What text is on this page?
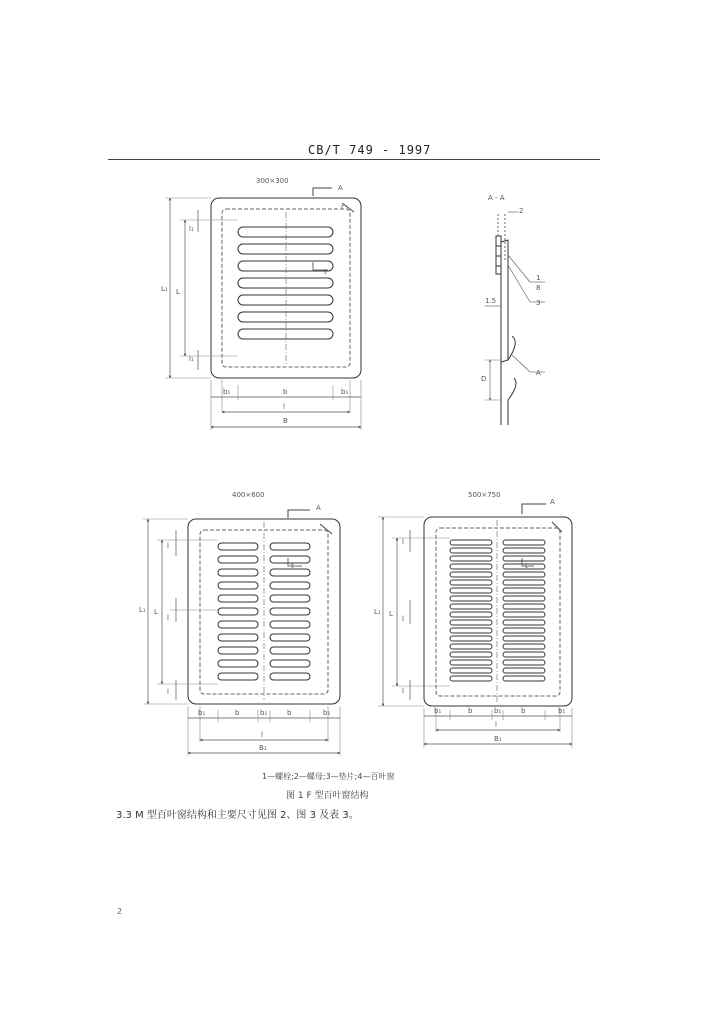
CB/T 749 - 1997
300×300
A
r
L₁ L
l₁
l₁
t
b₁	b	b₁
l
B
A - A
2
1
8
3
A
1.5
D
400×600
A
L₁ L
l
l
l
t
b₁	b	b₁	b	b₁
l
B₁
500×750
A
L₁ L
l
l
l
t
b₁	b	b₁	b	b₁
l
B₁
1—螺栓;2—螺母;3—垫片;4—百叶窗
图 1 F 型百叶窗结构
3.3 M 型百叶窗结构和主要尺寸见图 2、图 3 及表 3。
2
